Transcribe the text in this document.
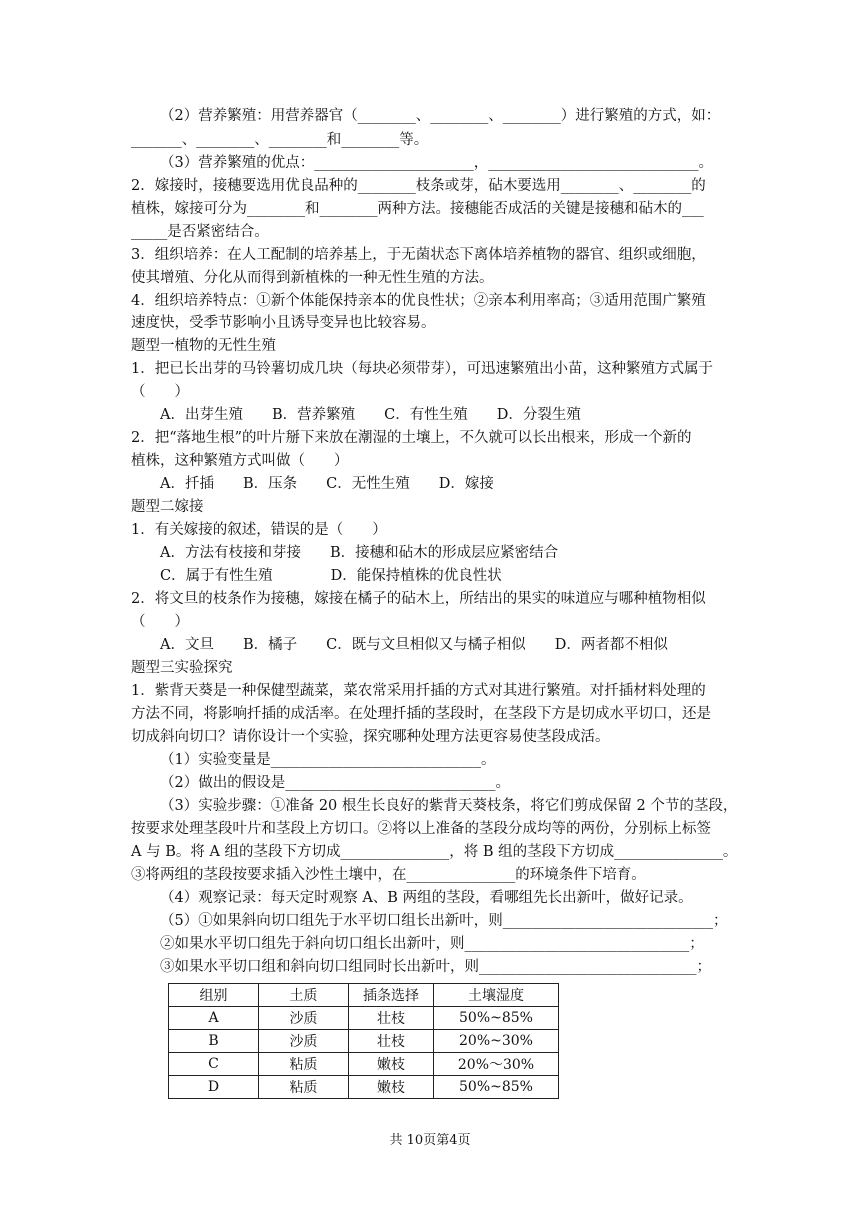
（2）营养繁殖：用营养器官（________、________、________）进行繁殖的方式，如：
_______、________、________和________等。
（3）营养繁殖的优点：______________________，_____________________________。
2．嫁接时，接穗要选用优良品种的________枝条或芽，砧木要选用________、________的
植株，嫁接可分为________和________两种方法。接穗能否成活的关键是接穗和砧木的___
_____是否紧密结合。
3．组织培养：在人工配制的培养基上，于无菌状态下离体培养植物的器官、组织或细胞，
使其增殖、分化从而得到新植株的一种无性生殖的方法。
4．组织培养特点：①新个体能保持亲本的优良性状；②亲本利用率高；③适用范围广繁殖
速度快，受季节影响小且诱导变异也比较容易。
题型一植物的无性生殖
1．把已长出芽的马铃薯切成几块（每块必须带芽），可迅速繁殖出小苗，这种繁殖方式属于
（　　）
A．出芽生殖　　B．营养繁殖　　C．有性生殖　　D．分裂生殖
2．把“落地生根”的叶片掰下来放在潮湿的土壤上，不久就可以长出根来，形成一个新的
植株，这种繁殖方式叫做（　　）
A．扦插　　B．压条　　C．无性生殖　　D．嫁接
题型二嫁接
1．有关嫁接的叙述，错误的是（　　）
A．方法有枝接和芽接　　B．接穗和砧木的形成层应紧密结合
C．属于有性生殖　　　　D．能保持植株的优良性状
2．将文旦的枝条作为接穗，嫁接在橘子的砧木上，所结出的果实的味道应与哪种植物相似
（　　）
A．文旦　　B．橘子　　C．既与文旦相似又与橘子相似　　D．两者都不相似
题型三实验探究
1．紫背天葵是一种保健型蔬菜，菜农常采用扦插的方式对其进行繁殖。对扦插材料处理的
方法不同，将影响扦插的成活率。在处理扦插的茎段时，在茎段下方是切成水平切口，还是
切成斜向切口？请你设计一个实验，探究哪种处理方法更容易使茎段成活。
（1）实验变量是_____________________________。
（2）做出的假设是_____________________________。
（3）实验步骤：①准备 20 根生长良好的紫背天葵枝条，将它们剪成保留 2 个节的茎段，
按要求处理茎段叶片和茎段上方切口。②将以上准备的茎段分成均等的两份，分别标上标签
A 与 B。将 A 组的茎段下方切成_______________，将 B 组的茎段下方切成_______________。
③将两组的茎段按要求插入沙性土壤中，在_______________的环境条件下培育。
（4）观察记录：每天定时观察 A、B 两组的茎段，看哪组先长出新叶，做好记录。
（5）①如果斜向切口组先于水平切口组长出新叶，则_____________________________；
②如果水平切口组先于斜向切口组长出新叶，则_______________________________；
③如果水平切口组和斜向切口组同时长出新叶，则______________________________；
组别	土质	插条选择	土壤湿度
A	沙质	壮枝	50%~85%
B	沙质	壮枝	20%~30%
C	粘质	嫩枝	20%～30%
D	粘质	嫩枝	50%~85%
共 10页第4页
